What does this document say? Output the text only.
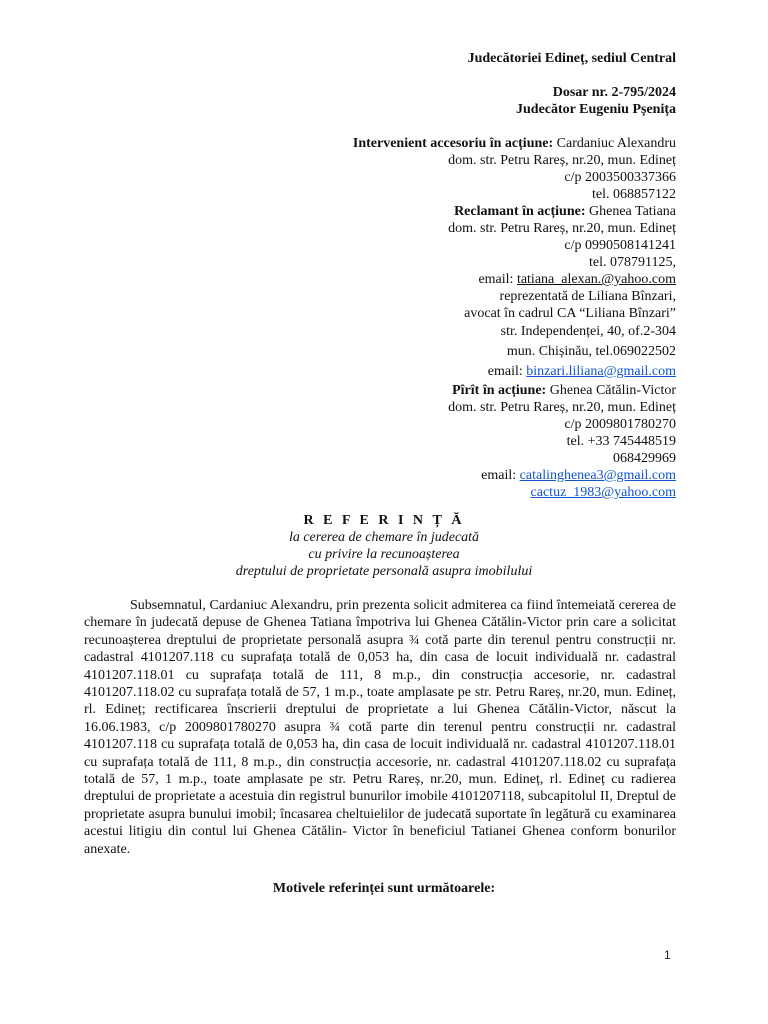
Judecătoriei Edineț, sediul Central
Dosar nr. 2-795/2024
Judecător Eugeniu Pșenița
Intervenient accesoriu în acțiune: Cardaniuc Alexandru
dom. str. Petru Rareș, nr.20, mun. Edineț
c/p 2003500337366
tel. 068857122
Reclamant în acțiune: Ghenea Tatiana
dom. str. Petru Rareș, nr.20, mun. Edineț
c/p 0990508141241
tel. 078791125,
email: tatiana_alexan.@yahoo.com
reprezentată de Liliana Bînzari,
avocat în cadrul CA “Liliana Bînzari”
str. Independenței, 40, of.2-304
mun. Chișinău, tel.069022502
email: binzari.liliana@gmail.com
Pîrît în acțiune: Ghenea Cătălin-Victor
dom. str. Petru Rareș, nr.20, mun. Edineț
c/p 2009801780270
tel. +33 745448519
068429969
email: catalinghenea3@gmail.com
cactuz_1983@yahoo.com
R E F E R I N Ț Ă
la cererea de chemare în judecată
cu privire la recunoașterea
dreptului de proprietate personală asupra imobilului
Subsemnatul, Cardaniuc Alexandru, prin prezenta solicit admiterea ca fiind întemeiată cererea de chemare în judecată depuse de Ghenea Tatiana împotriva lui Ghenea Cătălin-Victor prin care a solicitat recunoașterea dreptului de proprietate personală asupra ¾ cotă parte din terenul pentru construcții nr. cadastral 4101207.118 cu suprafața totală de 0,053 ha, din casa de locuit individuală nr. cadastral 4101207.118.01 cu suprafața totală de 111, 8 m.p., din construcția accesorie, nr. cadastral 4101207.118.02 cu suprafața totală de 57, 1 m.p., toate amplasate pe str. Petru Rareș, nr.20, mun. Edineț, rl. Edineț; rectificarea înscrierii dreptului de proprietate a lui Ghenea Cătălin-Victor, născut la 16.06.1983, c/p 2009801780270 asupra ¾ cotă parte din terenul pentru construcții nr. cadastral 4101207.118 cu suprafața totală de 0,053 ha, din casa de locuit individuală nr. cadastral 4101207.118.01 cu suprafața totală de 111, 8 m.p., din construcția accesorie, nr. cadastral 4101207.118.02 cu suprafața totală de 57, 1 m.p., toate amplasate pe str. Petru Rareș, nr.20, mun. Edineț, rl. Edineț cu radierea dreptului de proprietate a acestuia din registrul bunurilor imobile 4101207118, subcapitolul II, Dreptul de proprietate asupra bunului imobil; încasarea cheltuielilor de judecată suportate în legătură cu examinarea acestui litigiu din contul lui Ghenea Cătălin- Victor în beneficiul Tatianei Ghenea conform bonurilor anexate.
Motivele referinței sunt următoarele:
1
